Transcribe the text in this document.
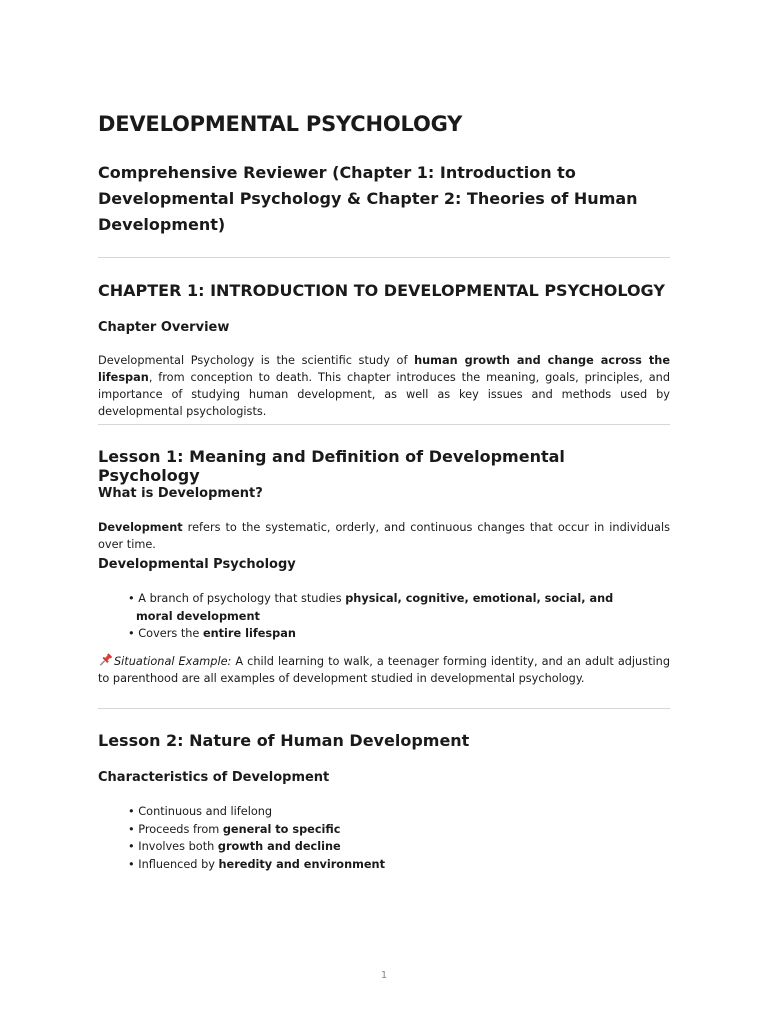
DEVELOPMENTAL PSYCHOLOGY
Comprehensive Reviewer (Chapter 1: Introduction to Developmental Psychology & Chapter 2: Theories of Human Development)
CHAPTER 1: INTRODUCTION TO DEVELOPMENTAL PSYCHOLOGY
Chapter Overview

Developmental Psychology is the scientific study of human growth and change across the lifespan, from conception to death. This chapter introduces the meaning, goals, principles, and importance of studying human development, as well as key issues and methods used by developmental psychologists.

Lesson 1: Meaning and Definition of Developmental Psychology
What is Development?

Development refers to the systematic, orderly, and continuous changes that occur in individuals over time.

Developmental Psychology
• A branch of psychology that studies physical, cognitive, emotional, social, and moral development
• Covers the entire lifespan

Situational Example: A child learning to walk, a teenager forming identity, and an adult adjusting to parenthood are all examples of development studied in developmental psychology.

Lesson 2: Nature of Human Development
Characteristics of Development
• Continuous and lifelong
• Proceeds from general to specific
• Involves both growth and decline
• Influenced by heredity and environment
1
